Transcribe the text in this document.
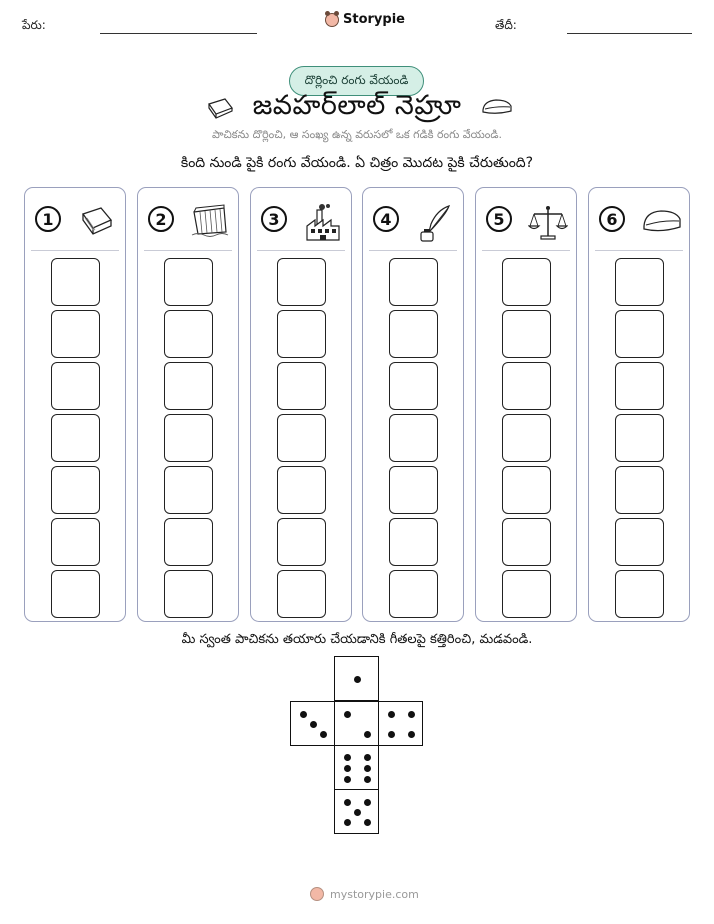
పేరు:	Storypie	తేదీ:
దొర్లించి రంగు వేయండి
జవహర్‌లాల్ నెహ్రూ
పాచికను దొర్లించి, ఆ సంఖ్య ఉన్న వరుసలో ఒక గడికి రంగు వేయండి.
కింది నుండి పైకి రంగు వేయండి. ఏ చిత్రం మొదట పైకి చేరుతుంది?
1	2	3	4	5	6
మీ స్వంత పాచికను తయారు చేయడానికి గీతలపై కత్తిరించి, మడవండి.
mystorypie.com
